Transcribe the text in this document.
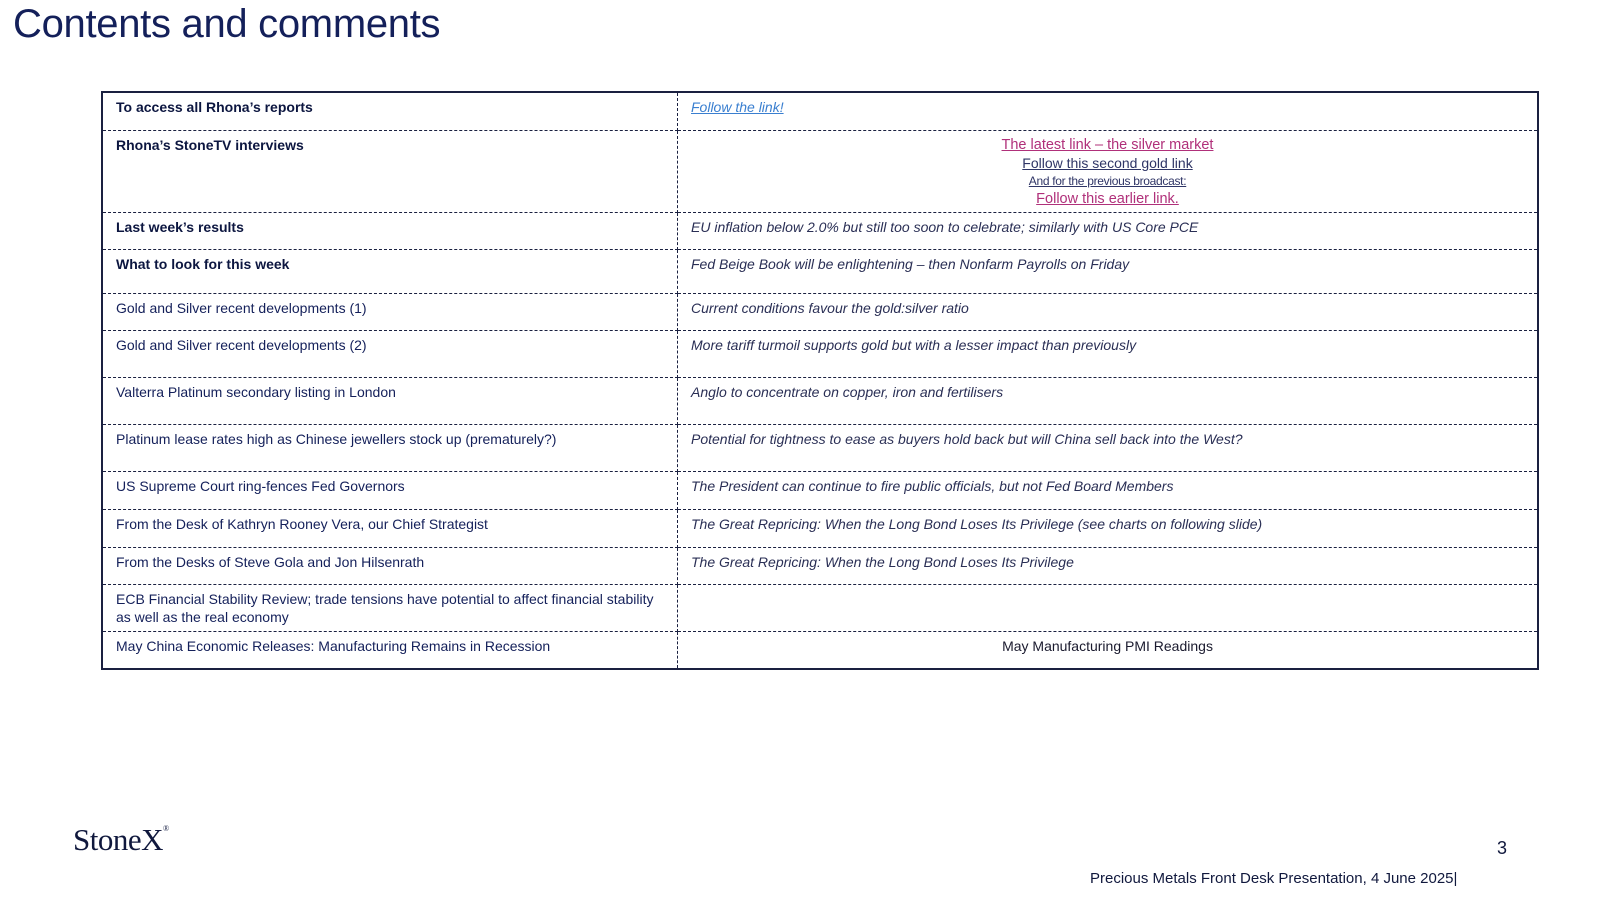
Contents and comments
To access all Rhona’s reports	Follow the link!
Rhona’s StoneTV interviews	The latest link – the silver market
Follow this second gold link
And for the previous broadcast:
Follow this earlier link.

Last week’s results	EU inflation below 2.0% but still too soon to celebrate; similarly with US Core PCE
What to look for this week	Fed Beige Book will be enlightening – then Nonfarm Payrolls on Friday
Gold and Silver recent developments (1)	Current conditions favour the gold:silver ratio
Gold and Silver recent developments (2)	More tariff turmoil supports gold but with a lesser impact than previously
Valterra Platinum secondary listing in London	Anglo to concentrate on copper, iron and fertilisers
Platinum lease rates high as Chinese jewellers stock up (prematurely?)	Potential for tightness to ease as buyers hold back but will China sell back into the West?
US Supreme Court ring-fences Fed Governors	The President can continue to fire public officials, but not Fed Board Members
From the Desk of Kathryn Rooney Vera, our Chief Strategist	The Great Repricing: When the Long Bond Loses Its Privilege (see charts on following slide)
From the Desks of Steve Gola and Jon Hilsenrath	The Great Repricing: When the Long Bond Loses Its Privilege
ECB Financial Stability Review; trade tensions have potential to affect financial stability as well as the real economy	
May China Economic Releases: Manufacturing Remains in Recession	May Manufacturing PMI Readings
StoneX®
3
Precious Metals Front Desk Presentation, 4 June 2025|
